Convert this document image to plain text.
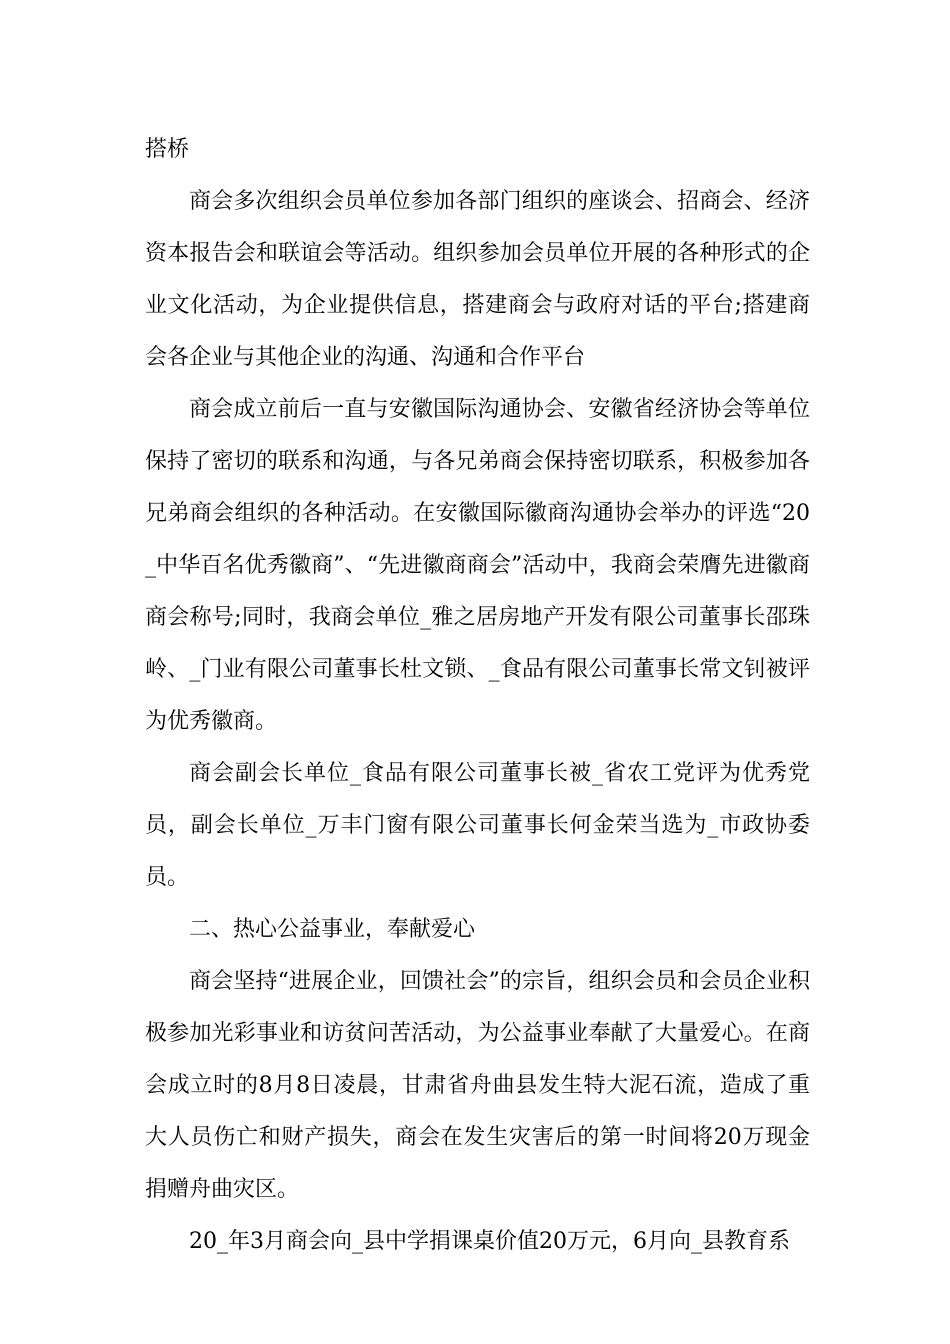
搭桥

商会多次组织会员单位参加各部门组织的座谈会、招商会、经济资本报告会和联谊会等活动。组织参加会员单位开展的各种形式的企业文化活动，为企业提供信息，搭建商会与政府对话的平台;搭建商会各企业与其他企业的沟通、沟通和合作平台

商会成立前后一直与安徽国际沟通协会、安徽省经济协会等单位保持了密切的联系和沟通，与各兄弟商会保持密切联系，积极参加各兄弟商会组织的各种活动。在安徽国际徽商沟通协会举办的评选“20_中华百名优秀徽商”、“先进徽商商会”活动中，我商会荣膺先进徽商商会称号;同时，我商会单位_雅之居房地产开发有限公司董事长邵珠岭、_门业有限公司董事长杜文锁、_食品有限公司董事长常文钊被评为优秀徽商。

商会副会长单位_食品有限公司董事长被_省农工党评为优秀党员，副会长单位_万丰门窗有限公司董事长何金荣当选为_市政协委员。

二、热心公益事业，奉献爱心

商会坚持“进展企业，回馈社会”的宗旨，组织会员和会员企业积极参加光彩事业和访贫问苦活动，为公益事业奉献了大量爱心。在商会成立时的8月8日凌晨，甘肃省舟曲县发生特大泥石流，造成了重大人员伤亡和财产损失，商会在发生灾害后的第一时间将20万现金捐赠舟曲灾区。

20_年3月商会向_县中学捐课桌价值20万元，6月向_县教育系
